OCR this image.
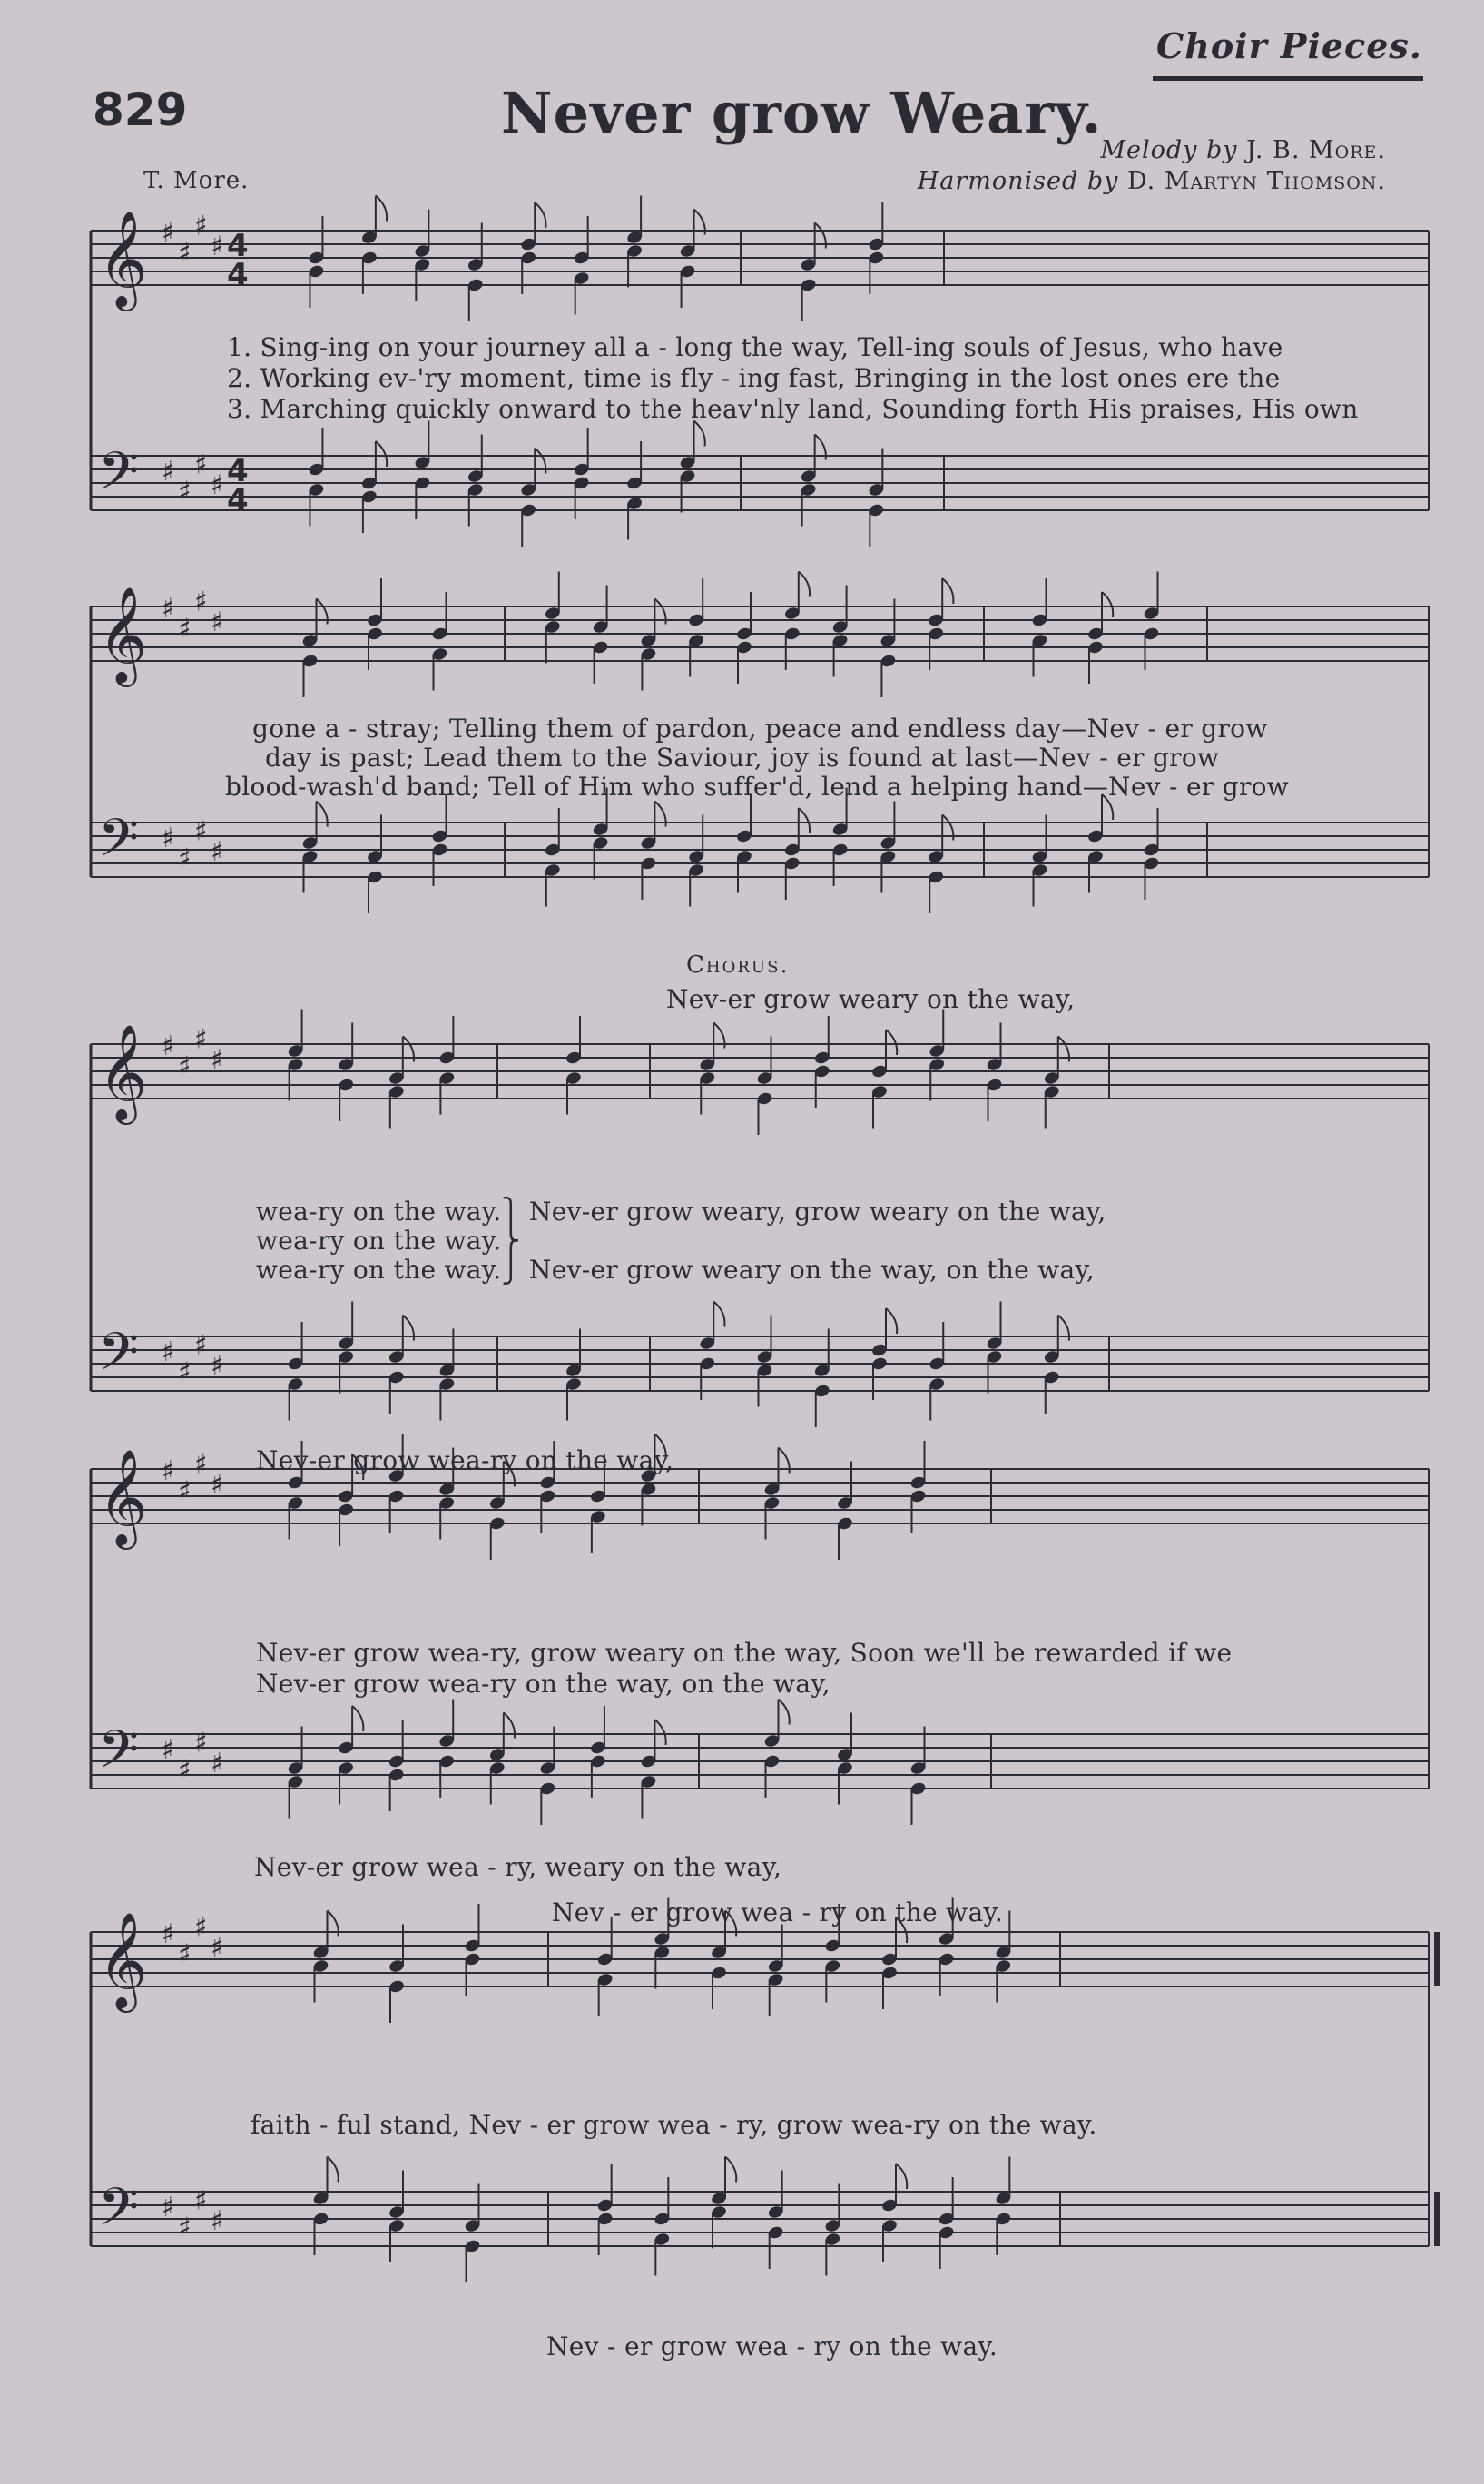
Choir Pieces.
829	Never grow Weary.
T. More.
Melody by J. B. More.
Harmonised by D. Martyn Thomson.
𝄞 ♯
♯
♯
♯
𝄢 ♯
♯
♯
♯
4
4
4
4
𝄞 ♯
♯
♯
♯
𝄢 ♯
♯
♯
♯
𝄞 ♯
♯
♯
♯
𝄢 ♯
♯
♯
♯
𝄞 ♯
♯
♯
♯
𝄢 ♯
♯
♯
♯
𝄞 ♯
♯
♯
♯
𝄢 ♯
♯
♯
♯
1. Sing-ing on your journey all a - long the way, Tell-ing souls of Jesus, who have
2. Working ev-'ry moment, time is fly - ing fast, Bringing in the lost ones ere the
3. Marching quickly onward to the heav'nly land, Sounding forth His praises, His own
gone a - stray; Telling them of pardon, peace and endless day—Nev - er grow
day is past; Lead them to the Saviour, joy is found at last—Nev - er grow
blood-wash'd band; Tell of Him who suffer'd, lend a helping hand—Nev - er grow
Chorus.
Nev-er grow weary on the way,
wea-ry on the way.⎫ Nev-er grow weary, grow weary on the way,
wea-ry on the way.⎬
wea-ry on the way.⎭ Nev-er grow weary on the way, on the way,
Nev-er grow wea-ry on the way,
Nev-er grow wea-ry, grow weary on the way, Soon we'll be rewarded if we
Nev-er grow wea-ry on the way, on the way,
Nev-er grow wea - ry, weary on the way,
Nev - er grow wea - ry on the way.
faith - ful stand, Nev - er grow wea - ry, grow wea-ry on the way.
Nev - er grow wea - ry on the way.
